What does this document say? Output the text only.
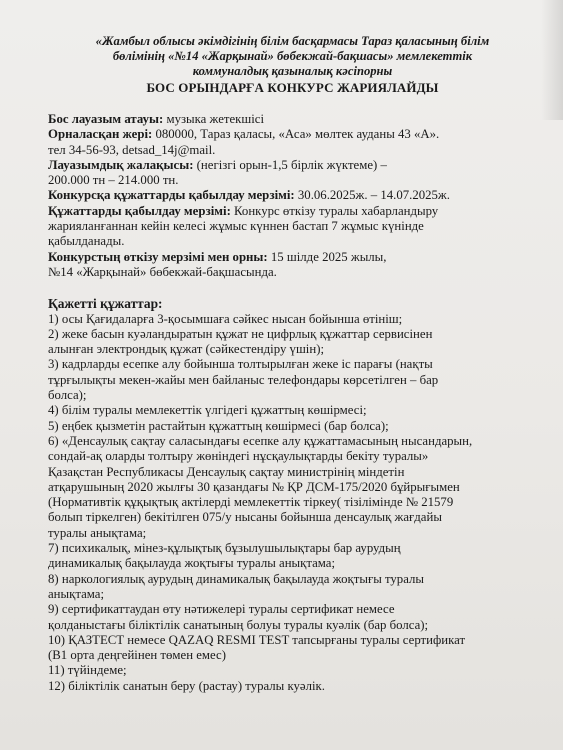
«Жамбыл облысы әкімдігінің білім басқармасы Тараз қаласының білім
бөлімінің «№14 «Жарқынай» бөбекжай-бақшасы» мемлекеттік
коммуналдық қазыналық кәсіпорны
БОС ОРЫНДАРҒА КОНКУРС ЖАРИЯЛАЙДЫ
Бос лауазым атауы: музыка жетекшісі
Орналасқан жері: 080000, Тараз қаласы, «Аса» мөлтек ауданы 43 «А».
тел 34-56-93, detsad_14j@mail.
Лауазымдық жалақысы: (негізгі орын-1,5 бірлік жүктеме) –
200.000 тн – 214.000 тн.
Конкурсқа құжаттарды қабылдау мерзімі: 30.06.2025ж. – 14.07.2025ж.
Құжаттарды қабылдау мерзімі: Конкурс өткізу туралы хабарландыру
жарияланғаннан кейін келесі жұмыс күннен бастап 7 жұмыс күнінде
қабылданады.
Конкурстың өткізу мерзімі мен орны: 15 шілде 2025 жылы,
№14 «Жарқынай» бөбекжай-бақшасында.
Қажетті құжаттар:
1) осы Қағидаларға 3-қосымшаға сәйкес нысан бойынша өтініш;
2) жеке басын куәландыратын құжат не цифрлық құжаттар сервисінен
алынған электрондық құжат (сәйкестендіру үшін);
3) кадрларды есепке алу бойынша толтырылған жеке іс парағы (нақты
тұрғылықты мекен-жайы мен байланыс телефондары көрсетілген – бар
болса);
4) білім туралы мемлекеттік үлгідегі құжаттың көшірмесі;
5) еңбек қызметін растайтын құжаттың көшірмесі (бар болса);
6) «Денсаулық сақтау саласындағы есепке алу құжаттамасының нысандарын,
сондай-ақ оларды толтыру жөніндегі нұсқаулықтарды бекіту туралы»
Қазақстан Республикасы Денсаулық сақтау министрінің міндетін
атқарушының 2020 жылғы 30 қазандағы № ҚР ДСМ-175/2020 бұйрығымен
(Нормативтік құқықтық актілерді мемлекеттік тіркеу( тізілімінде № 21579
болып тіркелген) бекітілген 075/у нысаны бойынша денсаулық жағдайы
туралы анықтама;
7) психикалық, мінез-құлықтық бұзылушылықтары бар аурудың
динамикалық бақылауда жоқтығы туралы анықтама;
8) наркологиялық аурудың динамикалық бақылауда жоқтығы туралы
анықтама;
9) сертификаттаудан өту нәтижелері туралы сертификат немесе
қолданыстағы біліктілік санатының болуы туралы куәлік (бар болса);
10) ҚАЗТЕСТ немесе QAZAQ RESMI TEST тапсырғаны туралы сертификат
(В1 орта деңгейінен төмен емес)
11) түйіндеме;
12) біліктілік санатын беру (растау) туралы куәлік.
